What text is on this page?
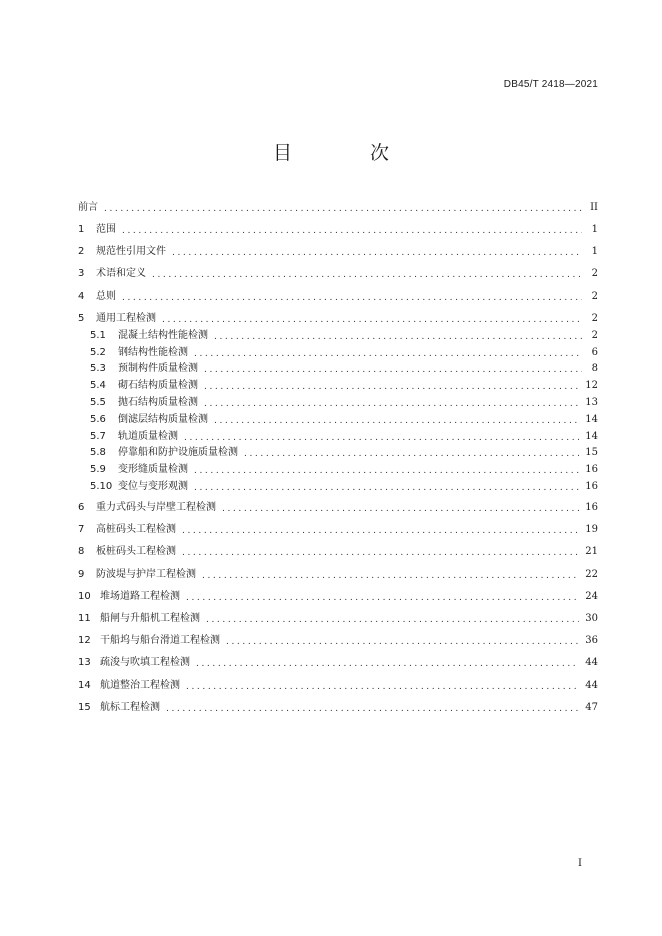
DB45/T 2418—2021
目 次
前言 .....	II
1	范围 .....	1
2	规范性引用文件 .....	1
3	术语和定义 .....	2
4	总则 .....	2
5	通用工程检测 .....	2
5.1	混凝土结构性能检测 .....	2
5.2	钢结构性能检测 .....	6
5.3	预制构件质量检测 .....	8
5.4	砌石结构质量检测 .....	12
5.5	抛石结构质量检测 .....	13
5.6	倒滤层结构质量检测 .....	14
5.7	轨道质量检测 .....	14
5.8	停靠船和防护设施质量检测 .....	15
5.9	变形缝质量检测 .....	16
5.10 变位与变形观测 .....	16
6	重力式码头与岸壁工程检测 .....	16
7	高桩码头工程检测 .....	19
8	板桩码头工程检测 .....	21
9	防波堤与护岸工程检测 .....	22
10 堆场道路工程检测 .....	24
11 船闸与升船机工程检测 .....	30
12 干船坞与船台滑道工程检测 .....	36
13 疏浚与吹填工程检测 .....	44
14 航道整治工程检测 .....	44
15 航标工程检测 .....	47
I
